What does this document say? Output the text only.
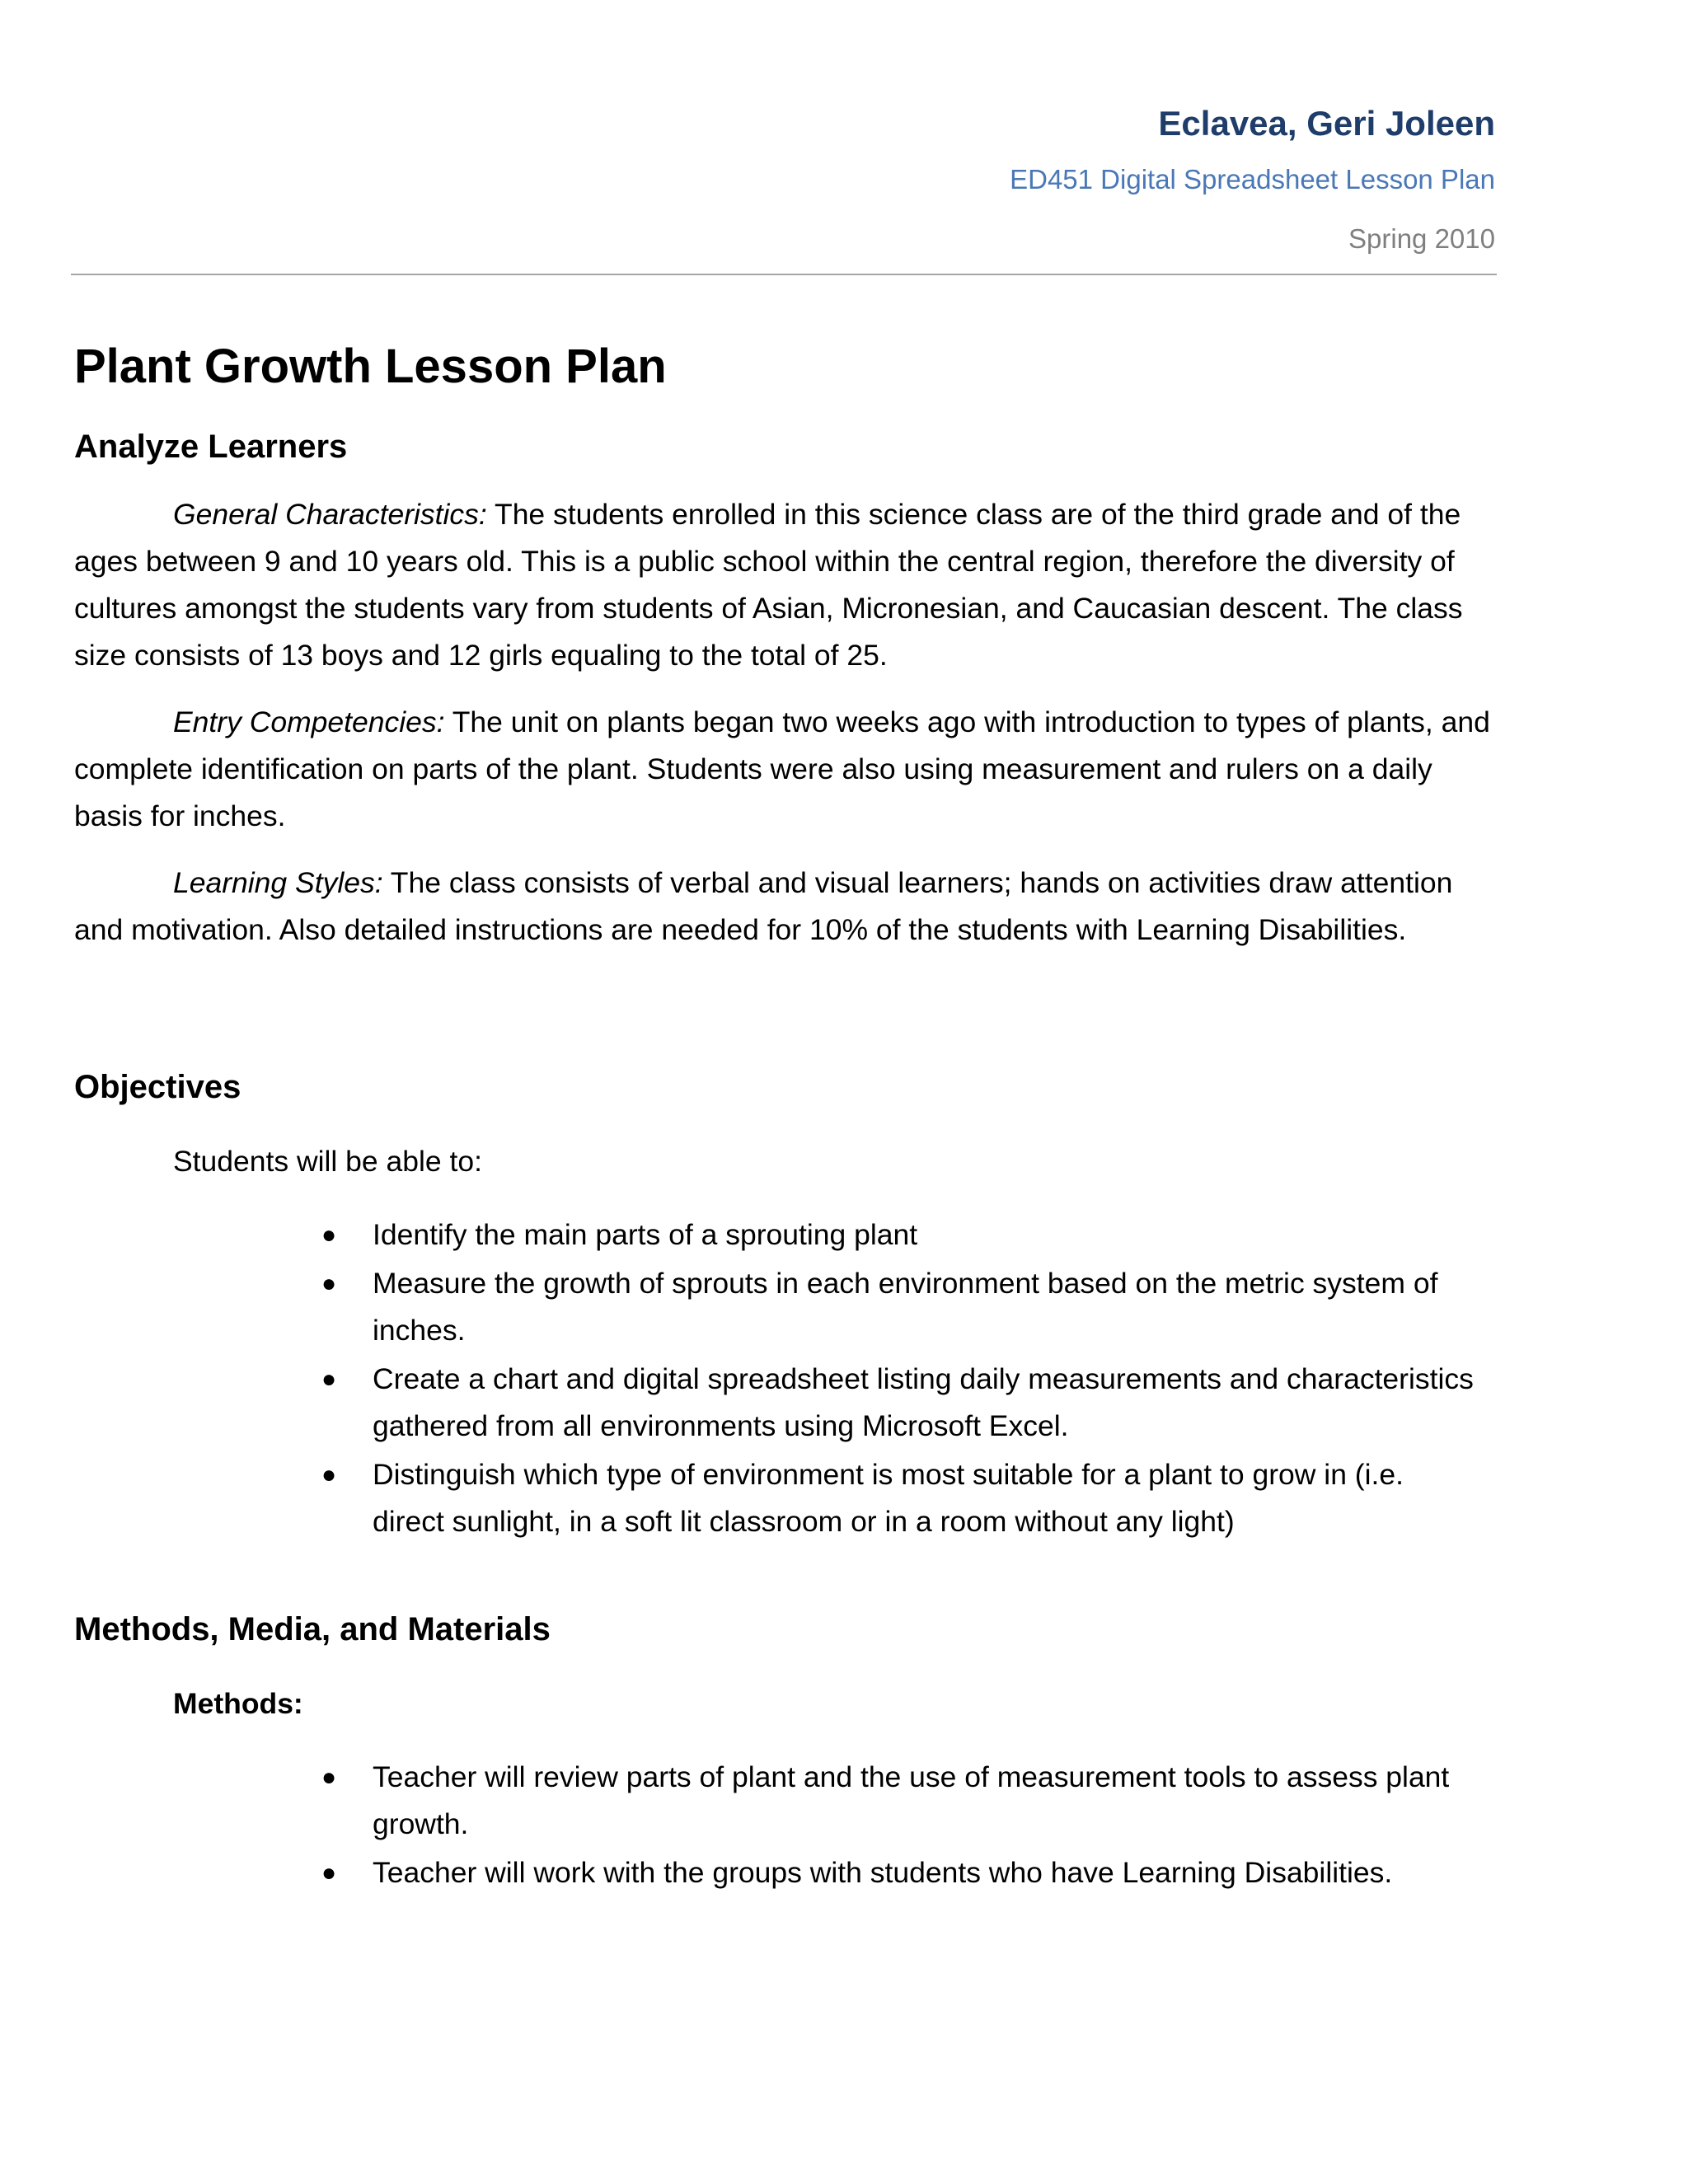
Eclavea, Geri Joleen

ED451 Digital Spreadsheet Lesson Plan

Spring 2010

Plant Growth Lesson Plan
Analyze Learners

General Characteristics: The students enrolled in this science class are of the third grade and of the ages between 9 and 10 years old. This is a public school within the central region, therefore the diversity of cultures amongst the students vary from students of Asian, Micronesian, and Caucasian descent. The class size consists of 13 boys and 12 girls equaling to the total of 25.

Entry Competencies: The unit on plants began two weeks ago with introduction to types of plants, and complete identification on parts of the plant. Students were also using measurement and rulers on a daily basis for inches.

Learning Styles: The class consists of verbal and visual learners; hands on activities draw attention and motivation. Also detailed instructions are needed for 10% of the students with Learning Disabilities.

Objectives

Students will be able to:

● Identify the main parts of a sprouting plant
● Measure the growth of sprouts in each environment based on the metric system of inches.
● Create a chart and digital spreadsheet listing daily measurements and characteristics gathered from all environments using Microsoft Excel.
● Distinguish which type of environment is most suitable for a plant to grow in (i.e. direct sunlight, in a soft lit classroom or in a room without any light)
Methods, Media, and Materials

Methods:

● Teacher will review parts of plant and the use of measurement tools to assess plant growth.
● Teacher will work with the groups with students who have Learning Disabilities.
